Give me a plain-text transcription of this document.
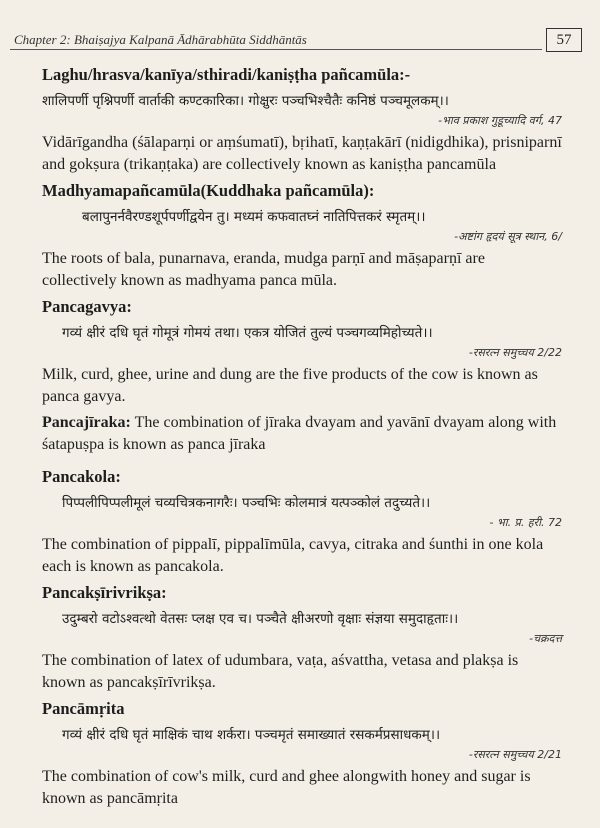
Chapter 2: Bhaiṣajya Kalpanā Ādhārabhūta Siddhāntās	57

Laghu/hrasva/kanīya/sthiradi/kaniṣṭha pañcamūla:-

शालिपर्णी पृश्निपर्णी वार्ताकी कण्टकारिका। गोक्षुरः पञ्चभिश्चैतैः कनिष्ठं पञ्चमूलकम्।।

-भाव प्रकाश गुडूच्यादि वर्ग, 47

Vidārīgandha (śālaparṇi or aṃśumatī), bṛihatī, kaṇṭakārī (nidigdhika), prisniparnī and gokṣura (trikaṇṭaka) are collectively known as kaniṣṭha pancamūla

Madhyamapañcamūla(Kuddhaka pañcamūla):

बलापुनर्नवैरण्डशूर्पपर्णीद्वयेन तु। मध्यमं कफवातघ्नं नातिपित्तकरं स्मृतम्।।

-अष्टांग हृदयं सूत्र स्थान, 6/

The roots of bala, punarnava, eranda, mudga parṇī and māṣaparṇī are collectively known as madhyama panca mūla.

Pancagavya:

गव्यं क्षीरं दधि घृतं गोमूत्रं गोमयं तथा। एकत्र योजितं तुल्यं पञ्चगव्यमिहोच्यते।।

-रसरत्न समुच्चय 2/22

Milk, curd, ghee, urine and dung are the five products of the cow is known as panca gavya.

Pancajīraka: The combination of jīraka dvayam and yavānī dvayam along with śatapuṣpa is known as panca jīraka

Pancakola:

पिप्पलीपिप्पलीमूलं चव्यचित्रकनागरैः। पञ्चभिः कोलमात्रं यत्पञ्कोलं तदुच्यते।।

- भा. प्र. हरी. 72

The combination of pippalī, pippalīmūla, cavya, citraka and śunthi in one kola each is known as pancakola.

Pancakṣīrivrikṣa:

उदुम्बरो वटोऽश्वत्थो वेतसः प्लक्ष एव च। पञ्चैते क्षीअरणो वृक्षाः संज्ञया समुदाहृताः।।

-चक्रदत्त

The combination of latex of udumbara, vaṭa, aśvattha, vetasa and plakṣa is known as pancakṣīrīvrikṣa.

Pancāmṛita

गव्यं क्षीरं दधि घृतं माक्षिकं चाथ शर्करा। पञ्चमृतं समाख्यातं रसकर्मप्रसाधकम्।।

-रसरत्न समुच्चय 2/21

The combination of cow's milk, curd and ghee alongwith honey and sugar is known as pancāmṛita
